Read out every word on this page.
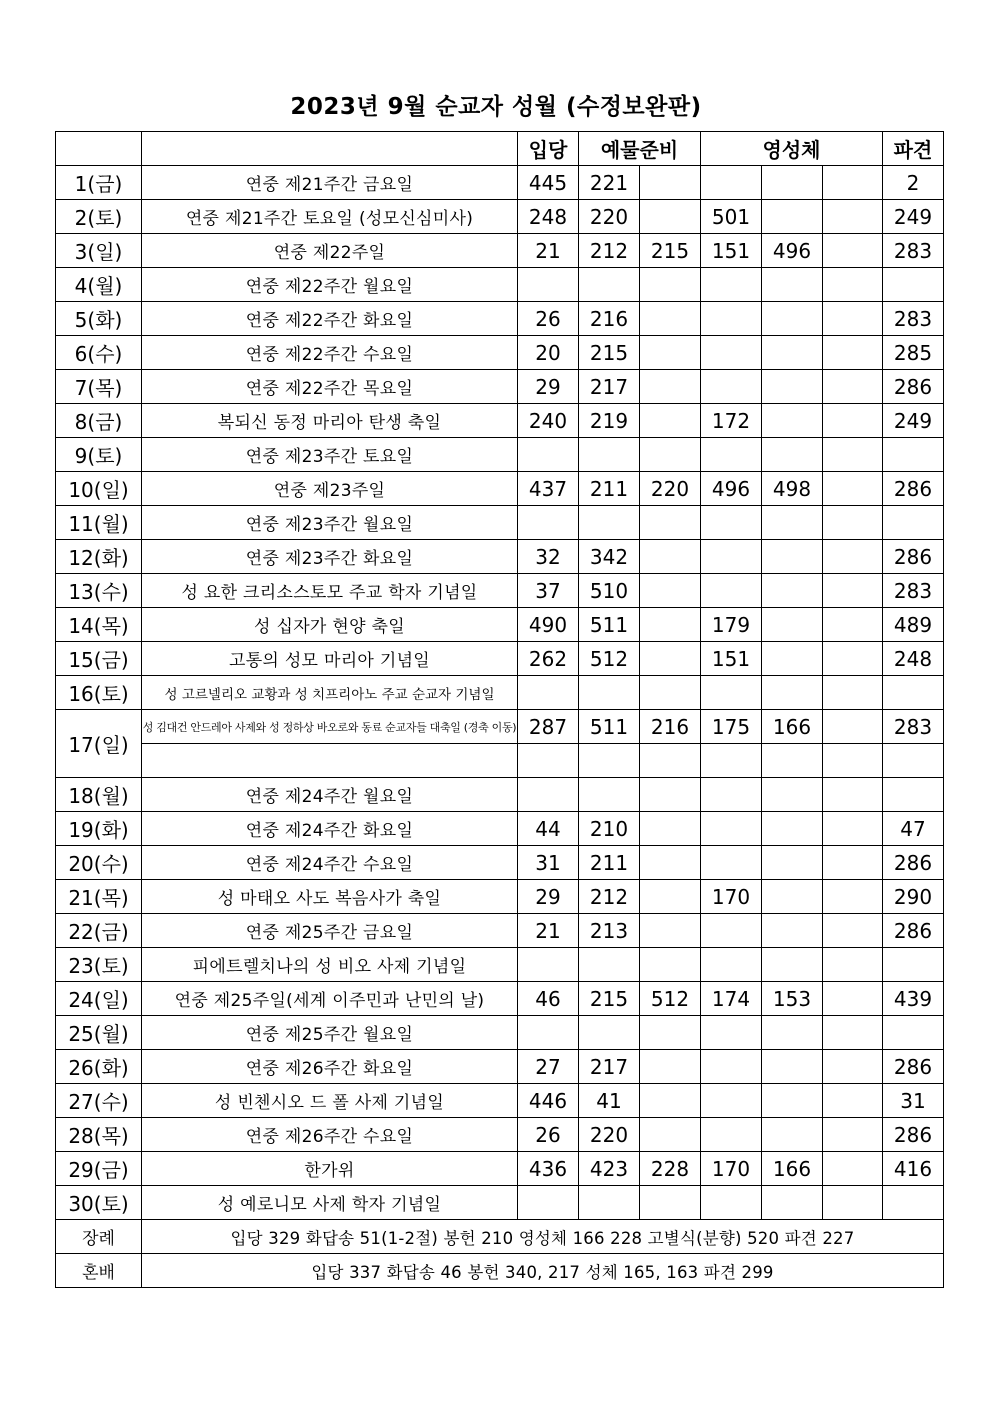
2023년 9월 순교자 성월 (수정보완판)
		입당	예물준비		영성체			파견
1(금)	연중 제21주간 금요일	445	221					2
2(토)	연중 제21주간 토요일 (성모신심미사)	248	220		501			249
3(일)	연중 제22주일	21	212	215	151	496		283
4(월)	연중 제22주간 월요일							
5(화)	연중 제22주간 화요일	26	216					283
6(수)	연중 제22주간 수요일	20	215					285
7(목)	연중 제22주간 목요일	29	217					286
8(금)	복되신 동정 마리아 탄생 축일	240	219		172			249
9(토)	연중 제23주간 토요일							
10(일)	연중 제23주일	437	211	220	496	498		286
11(월)	연중 제23주간 월요일							
12(화)	연중 제23주간 화요일	32	342					286
13(수)	성 요한 크리소스토모 주교 학자 기념일	37	510					283
14(목)	성 십자가 현양 축일	490	511		179			489
15(금)	고통의 성모 마리아 기념일	262	512		151			248
16(토)	성 고르넬리오 교황과 성 치프리아노 주교 순교자 기념일							
17(일)	성 김대건 안드레아 사제와 성 정하상 바오로와 동료 순교자들 대축일 (경축 이동)	287	511	216	175	166		283

18(월)	연중 제24주간 월요일							
19(화)	연중 제24주간 화요일	44	210					47
20(수)	연중 제24주간 수요일	31	211					286
21(목)	성 마태오 사도 복음사가 축일	29	212		170			290
22(금)	연중 제25주간 금요일	21	213					286
23(토)	피에트렐치나의 성 비오 사제 기념일							
24(일)	연중 제25주일(세계 이주민과 난민의 날)	46	215	512	174	153		439
25(월)	연중 제25주간 월요일							
26(화)	연중 제26주간 화요일	27	217					286
27(수)	성 빈첸시오 드 폴 사제 기념일	446	41					31
28(목)	연중 제26주간 수요일	26	220					286
29(금)	한가위	436	423	228	170	166		416
30(토)	성 예로니모 사제 학자 기념일							
장례	입당 329 화답송 51(1-2절) 봉헌 210 영성체 166 228 고별식(분향) 520 파견 227							
혼배	입당 337 화답송 46 봉헌 340, 217 성체 165, 163 파견 299							
